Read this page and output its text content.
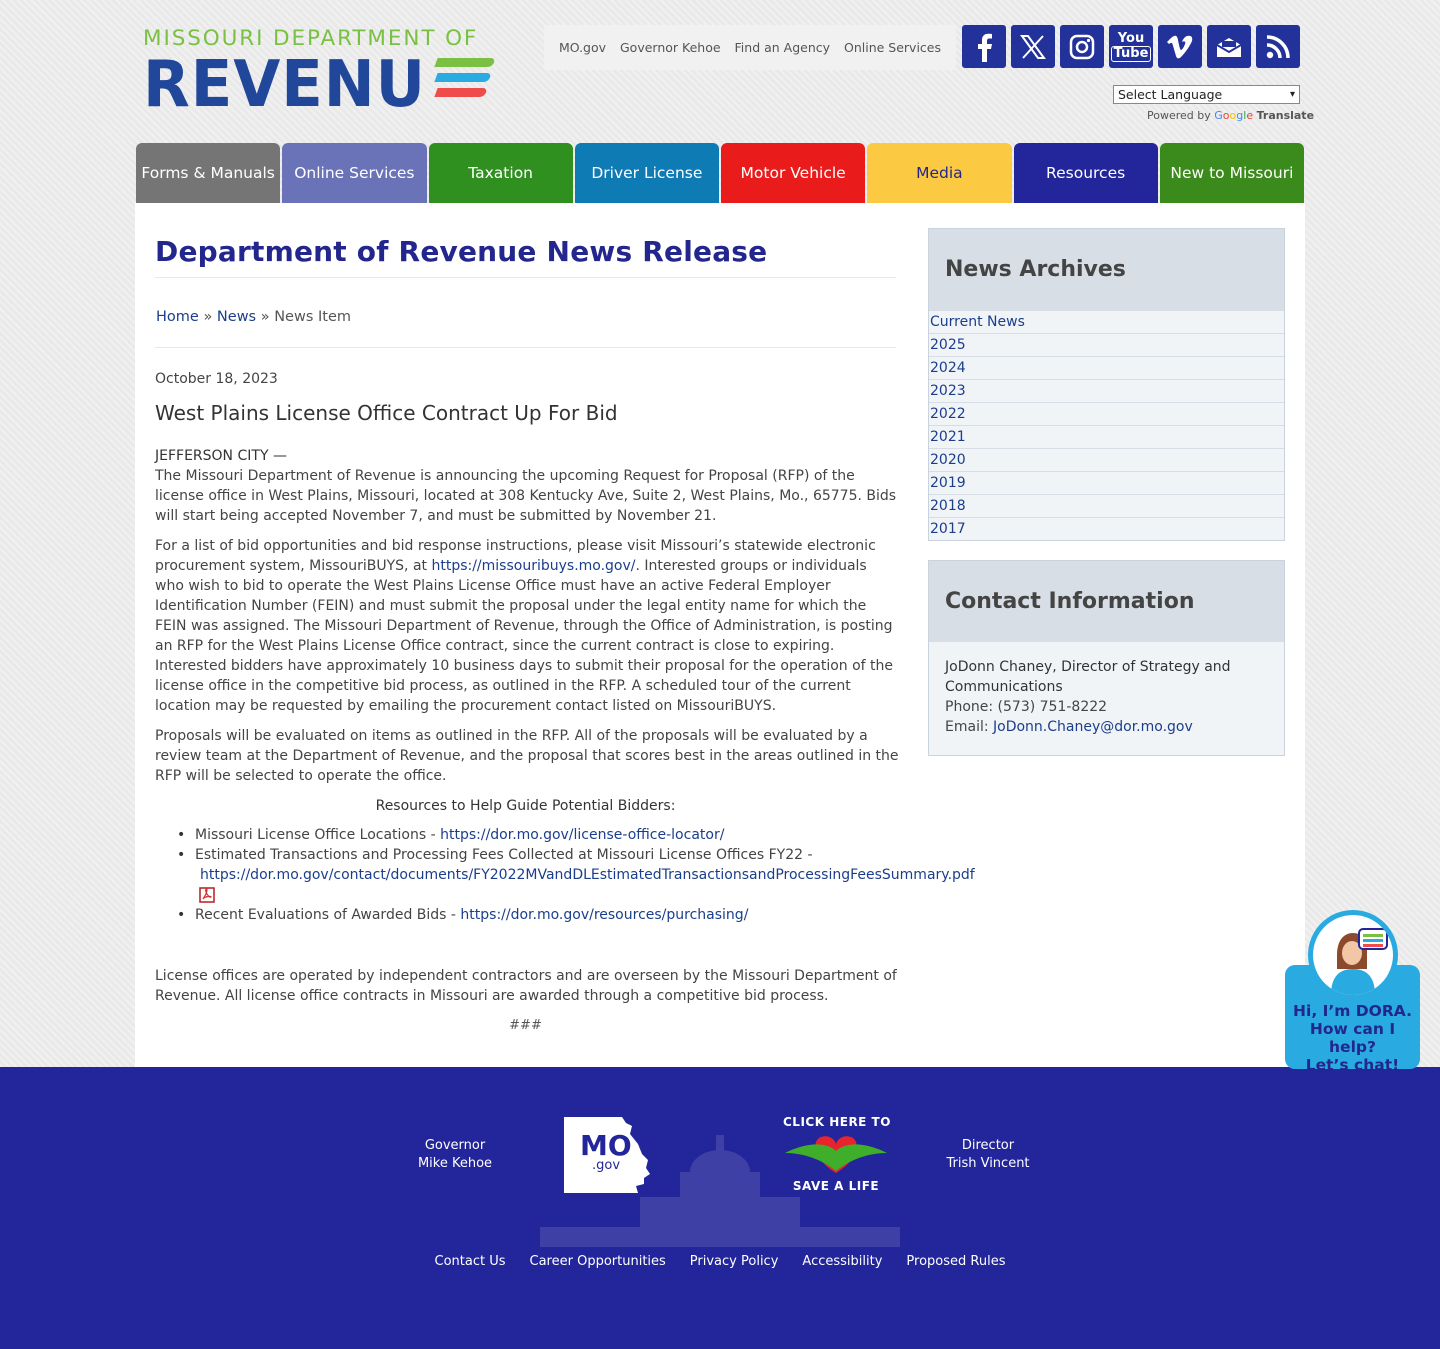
MISSOURI DEPARTMENT OF
REVENU
MO.gov Governor Kehoe Find an Agency Online Services
You
Tube
Select Language	▾
Powered by Google Translate
Forms & Manuals	Online Services	Taxation	Driver License	Motor Vehicle	Media	Resources	New to Missouri
Department of Revenue News Release
Home » News » News Item
October 18, 2023
West Plains License Office Contract Up For Bid
JEFFERSON CITY —
The Missouri Department of Revenue is announcing the upcoming Request for Proposal (RFP) of the license office in West Plains, Missouri, located at 308 Kentucky Ave, Suite 2, West Plains, Mo., 65775. Bids will start being accepted November 7, and must be submitted by November 21.
For a list of bid opportunities and bid response instructions, please visit Missouri’s statewide electronic procurement system, MissouriBUYS, at https://missouribuys.mo.gov/. Interested groups or individuals who wish to bid to operate the West Plains License Office must have an active Federal Employer Identification Number (FEIN) and must submit the proposal under the legal entity name for which the FEIN was assigned. The Missouri Department of Revenue, through the Office of Administration, is posting an RFP for the West Plains License Office contract, since the current contract is close to expiring. Interested bidders have approximately 10 business days to submit their proposal for the operation of the license office in the competitive bid process, as outlined in the RFP. A scheduled tour of the current location may be requested by emailing the procurement contact listed on MissouriBUYS.
Proposals will be evaluated on items as outlined in the RFP. All of the proposals will be evaluated by a review team at the Department of Revenue, and the proposal that scores best in the areas outlined in the RFP will be selected to operate the office.
Resources to Help Guide Potential Bidders:
• Missouri License Office Locations - https://dor.mo.gov/license-office-locator/
• Estimated Transactions and Processing Fees Collected at Missouri License Offices FY22 -
https://dor.mo.gov/contact/documents/FY2022MVandDLEstimatedTransactionsandProcessingFeesSummary.pdf

• Recent Evaluations of Awarded Bids - https://dor.mo.gov/resources/purchasing/
License offices are operated by independent contractors and are overseen by the Missouri Department of Revenue. All license office contracts in Missouri are awarded through a competitive bid process.
###
News Archives
Current News
2025
2024
2023
2022
2021
2020
2019
2018
2017
Contact Information
JoDonn Chaney, Director of Strategy and Communications
Phone: (573) 751-8222
Email: JoDonn.Chaney@dor.mo.gov
Governor
Mike Kehoe
MO
.gov
CLICK HERE TO
SAVE A LIFE
Director
Trish Vincent
Contact Us Career Opportunities Privacy Policy Accessibility Proposed Rules
Hi, I’m DORA.
How can I help?
Let’s chat!
